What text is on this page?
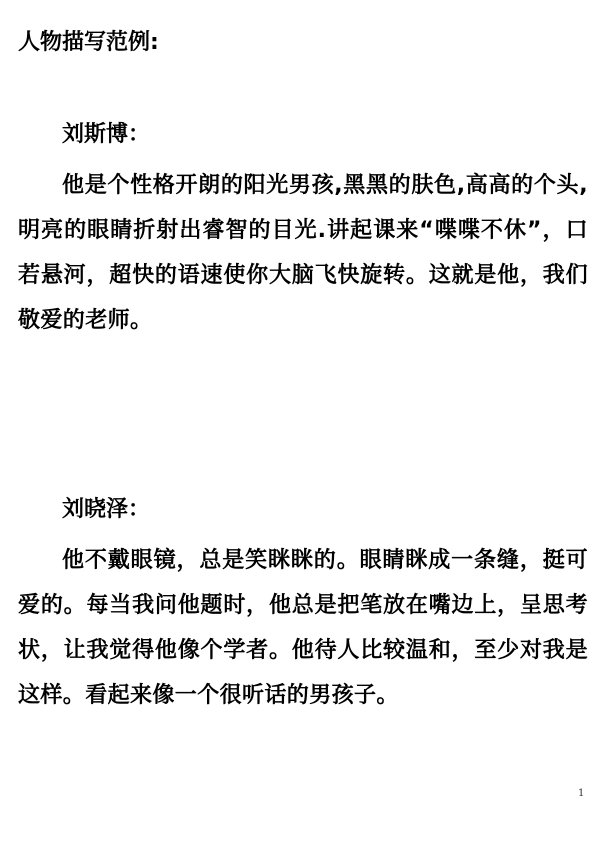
人物描写范例:
刘斯博：
他是个性格开朗的阳光男孩,黑黑的肤色,高高的个头,明亮的眼睛折射出睿智的目光.讲起课来“喋喋不休”，口若悬河，超快的语速使你大脑飞快旋转。这就是他，我们敬爱的老师。
刘晓泽：
他不戴眼镜，总是笑眯眯的。眼睛眯成一条缝，挺可爱的。每当我问他题时，他总是把笔放在嘴边上，呈思考状，让我觉得他像个学者。他待人比较温和，至少对我是这样。看起来像一个很听话的男孩子。
1
